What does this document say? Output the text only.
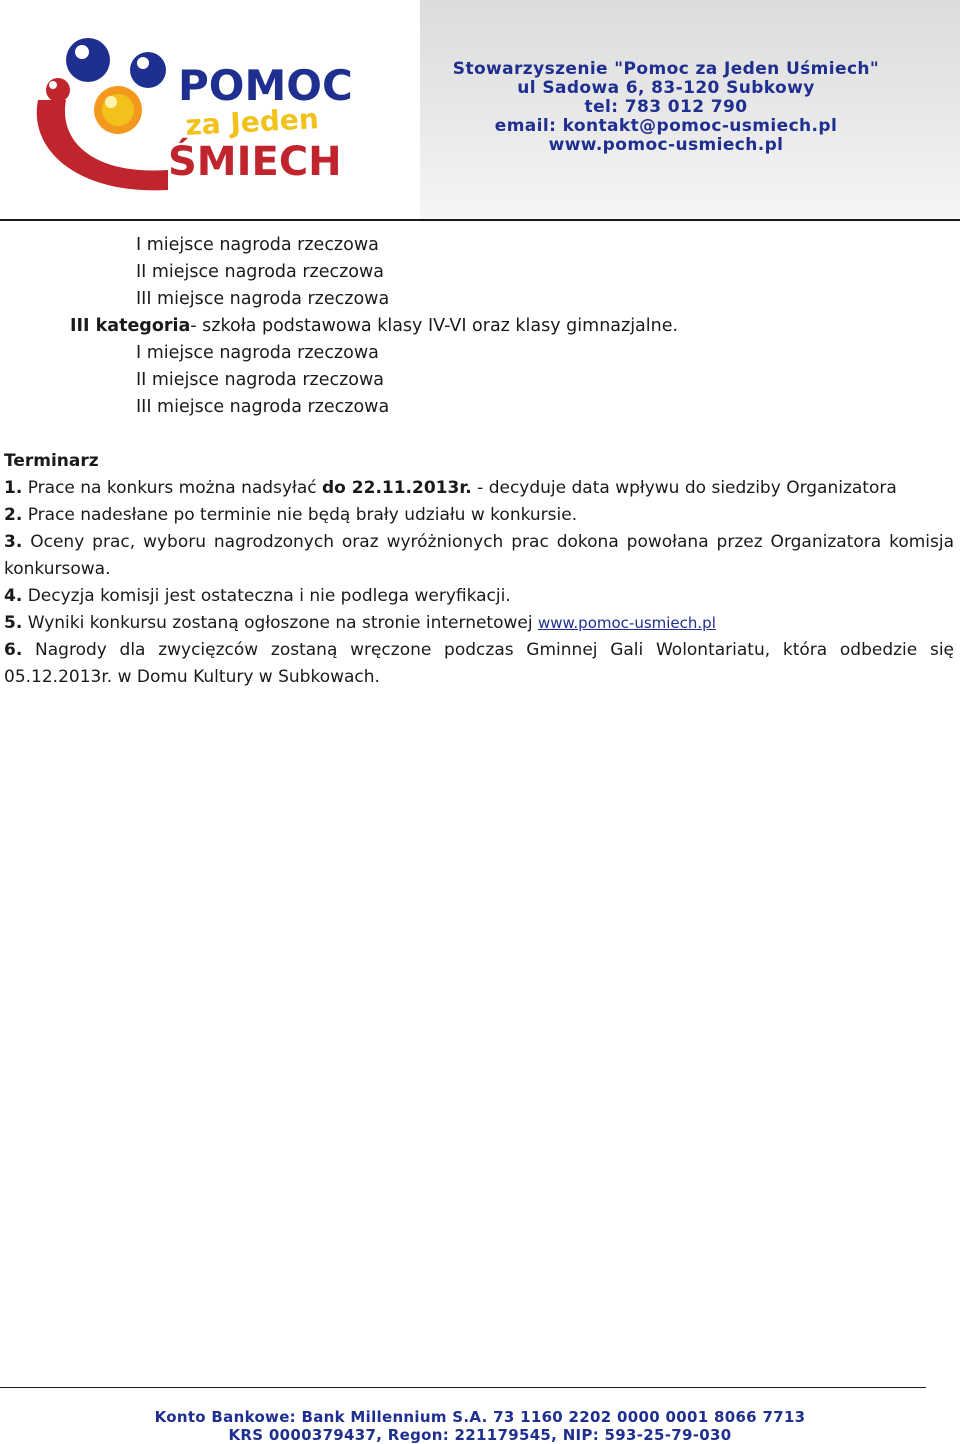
POMOC
za Jeden
ŚMIECH
Stowarzyszenie "Pomoc za Jeden Uśmiech"
ul Sadowa 6, 83-120 Subkowy
tel: 783 012 790
email: kontakt@pomoc-usmiech.pl
www.pomoc-usmiech.pl
I miejsce nagroda rzeczowa
II miejsce nagroda rzeczowa
III miejsce nagroda rzeczowa
III kategoria- szkoła podstawowa klasy IV-VI oraz klasy gimnazjalne.
I miejsce nagroda rzeczowa
II miejsce nagroda rzeczowa
III miejsce nagroda rzeczowa
Terminarz
1. Prace na konkurs można nadsyłać do 22.11.2013r. - decyduje data wpływu do siedziby Organizatora
2. Prace nadesłane po terminie nie będą brały udziału w konkursie.
3. Oceny prac, wyboru nagrodzonych oraz wyróżnionych prac dokona powołana przez Organizatora komisja konkursowa.
4. Decyzja komisji jest ostateczna i nie podlega weryfikacji.
5. Wyniki konkursu zostaną ogłoszone na stronie internetowej www.pomoc-usmiech.pl
6. Nagrody dla zwycięzców zostaną wręczone podczas Gminnej Gali Wolontariatu, która odbedzie się 05.12.2013r. w Domu Kultury w Subkowach.
Konto Bankowe: Bank Millennium S.A. 73 1160 2202 0000 0001 8066 7713
KRS 0000379437, Regon: 221179545, NIP: 593-25-79-030
